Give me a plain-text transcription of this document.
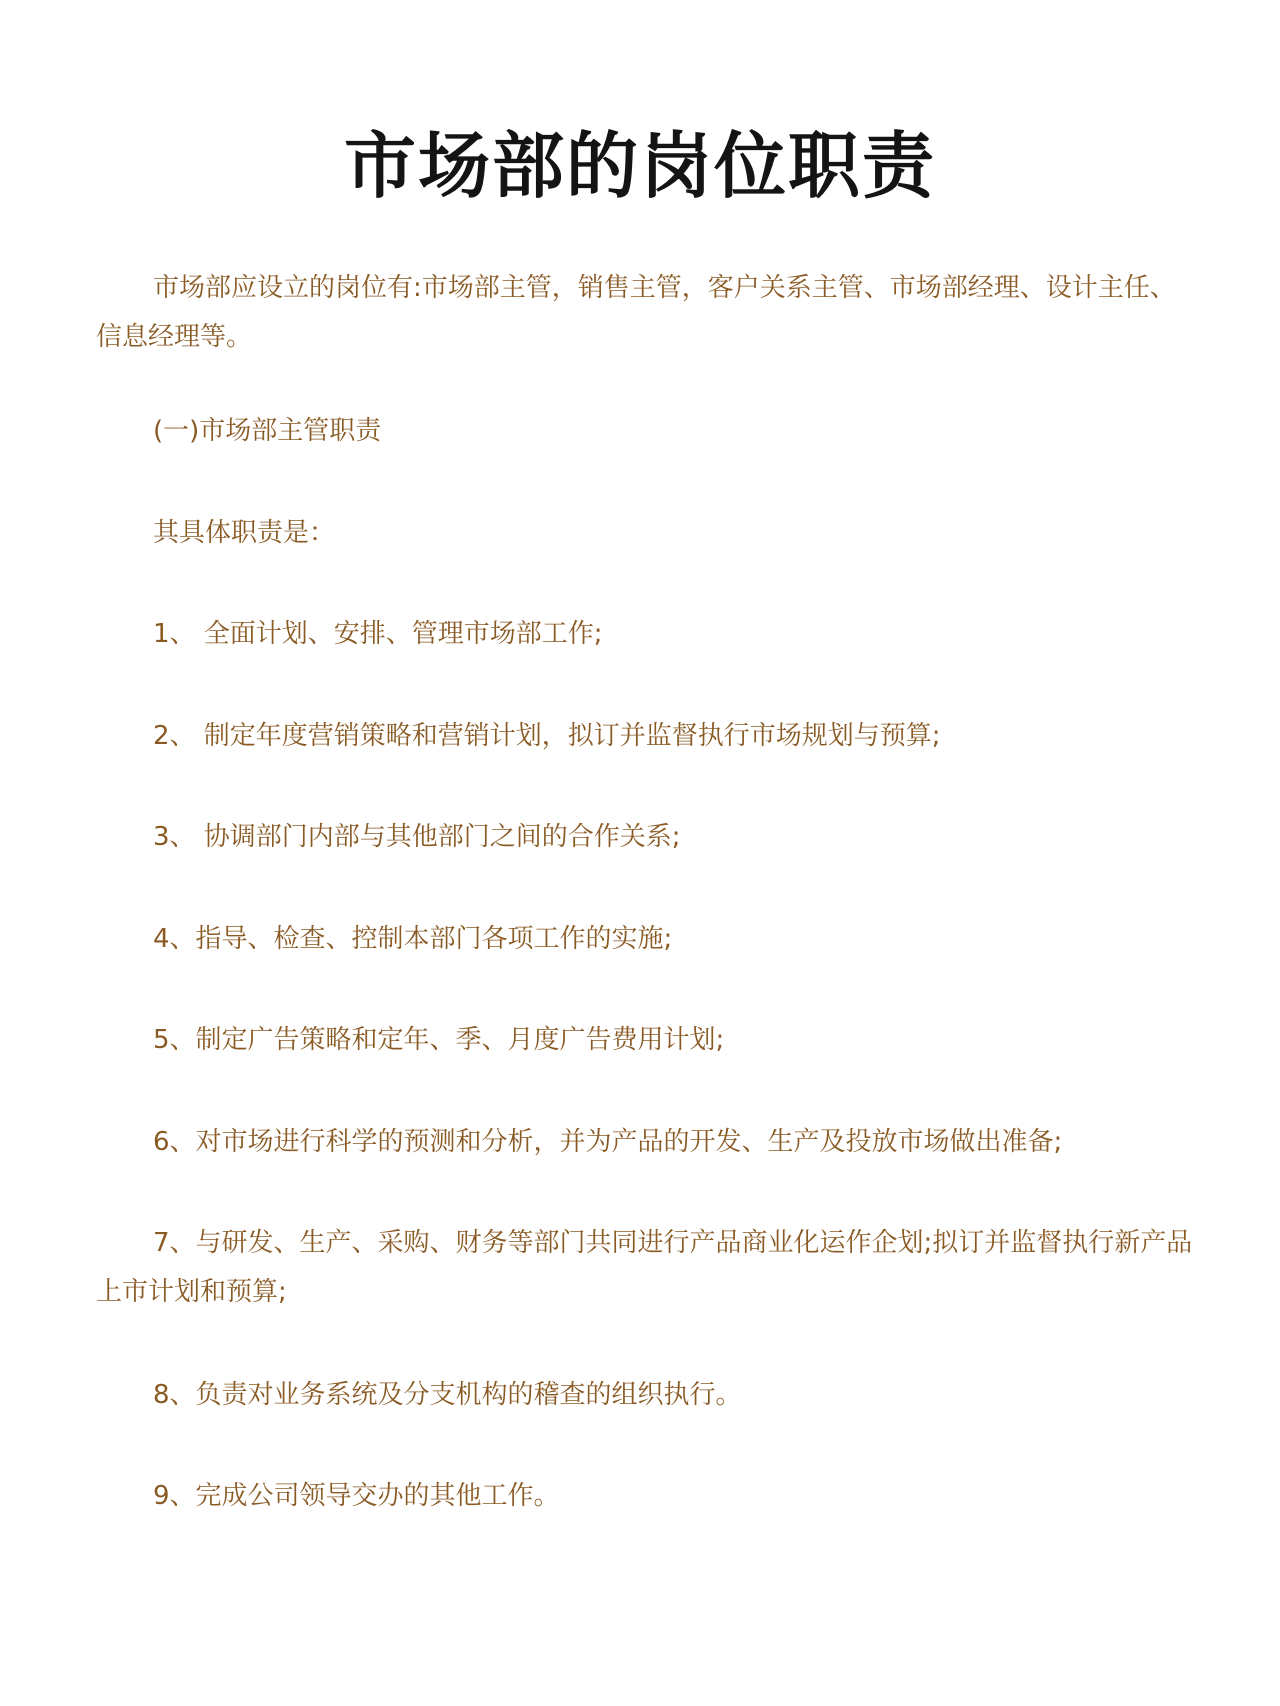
市场部的岗位职责

市场部应设立的岗位有:市场部主管，销售主管，客户关系主管、市场部经理、设计主任、信息经理等。

(一)市场部主管职责

其具体职责是：

1、 全面计划、安排、管理市场部工作;

2、 制定年度营销策略和营销计划，拟订并监督执行市场规划与预算;

3、 协调部门内部与其他部门之间的合作关系;

4、指导、检查、控制本部门各项工作的实施;

5、制定广告策略和定年、季、月度广告费用计划;

6、对市场进行科学的预测和分析，并为产品的开发、生产及投放市场做出准备;

7、与研发、生产、采购、财务等部门共同进行产品商业化运作企划;拟订并监督执行新产品上市计划和预算;

8、负责对业务系统及分支机构的稽查的组织执行。

9、完成公司领导交办的其他工作。
